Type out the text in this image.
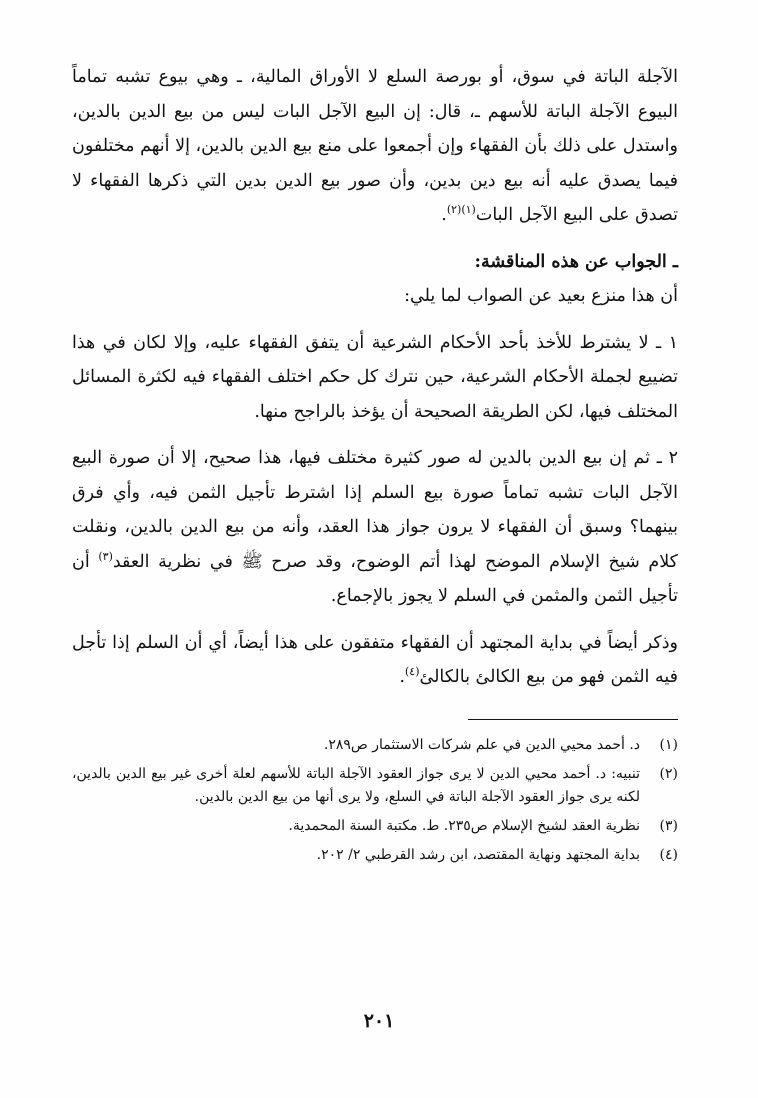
الآجلة الباتة في سوق، أو بورصة السلع لا الأوراق المالية، ـ وهي بيوع تشبه تماماً البيوع الآجلة الباتة للأسهم ـ، قال: إن البيع الآجل البات ليس من بيع الدين بالدين، واستدل على ذلك بأن الفقهاء وإن أجمعوا على منع بيع الدين بالدين، إلا أنهم مختلفون فيما يصدق عليه أنه بيع دين بدين، وأن صور بيع الدين بدين التي ذكرها الفقهاء لا تصدق على البيع الآجل البات$^{(١)(٢)}$.

ـ الجواب عن هذه المناقشة:

أن هذا منزع بعيد عن الصواب لما يلي:

١ ـ لا يشترط للأخذ بأحد الأحكام الشرعية أن يتفق الفقهاء عليه، وإلا لكان في هذا تضييع لجملة الأحكام الشرعية، حين نترك كل حكم اختلف الفقهاء فيه لكثرة المسائل المختلف فيها، لكن الطريقة الصحيحة أن يؤخذ بالراجح منها.

٢ ـ ثم إن بيع الدين بالدين له صور كثيرة مختلف فيها، هذا صحيح، إلا أن صورة البيع الآجل البات تشبه تماماً صورة بيع السلم إذا اشترط تأجيل الثمن فيه، وأي فرق بينهما؟ وسبق أن الفقهاء لا يرون جواز هذا العقد، وأنه من بيع الدين بالدين، ونقلت كلام شيخ الإسلام الموضح لهذا أتم الوضوح، وقد صرح ﷺ في نظرية العقد$^{(٣)}$ أن تأجيل الثمن والمثمن في السلم لا يجوز بالإجماع.

وذكر أيضاً في بداية المجتهد أن الفقهاء متفقون على هذا أيضاً، أي أن السلم إذا تأجل فيه الثمن فهو من بيع الكالئ بالكالئ$^{(٤)}$.

(١)
د. أحمد محيي الدين في علم شركات الاستثمار ص٢٨٩.
(٢)
تنبيه: د. أحمد محيي الدين لا يرى جواز العقود الآجلة الباتة للأسهم لعلة أخرى غير بيع الدين بالدين، لكنه يرى جواز العقود الآجلة الباتة في السلع، ولا يرى أنها من بيع الدين بالدين.
(٣)
نظرية العقد لشيخ الإسلام ص٢٣٥. ط. مكتبة السنة المحمدية.
(٤)
بداية المجتهد ونهاية المقتصد، ابن رشد القرطبي ٢/ ٢٠٢.
٢٠١
